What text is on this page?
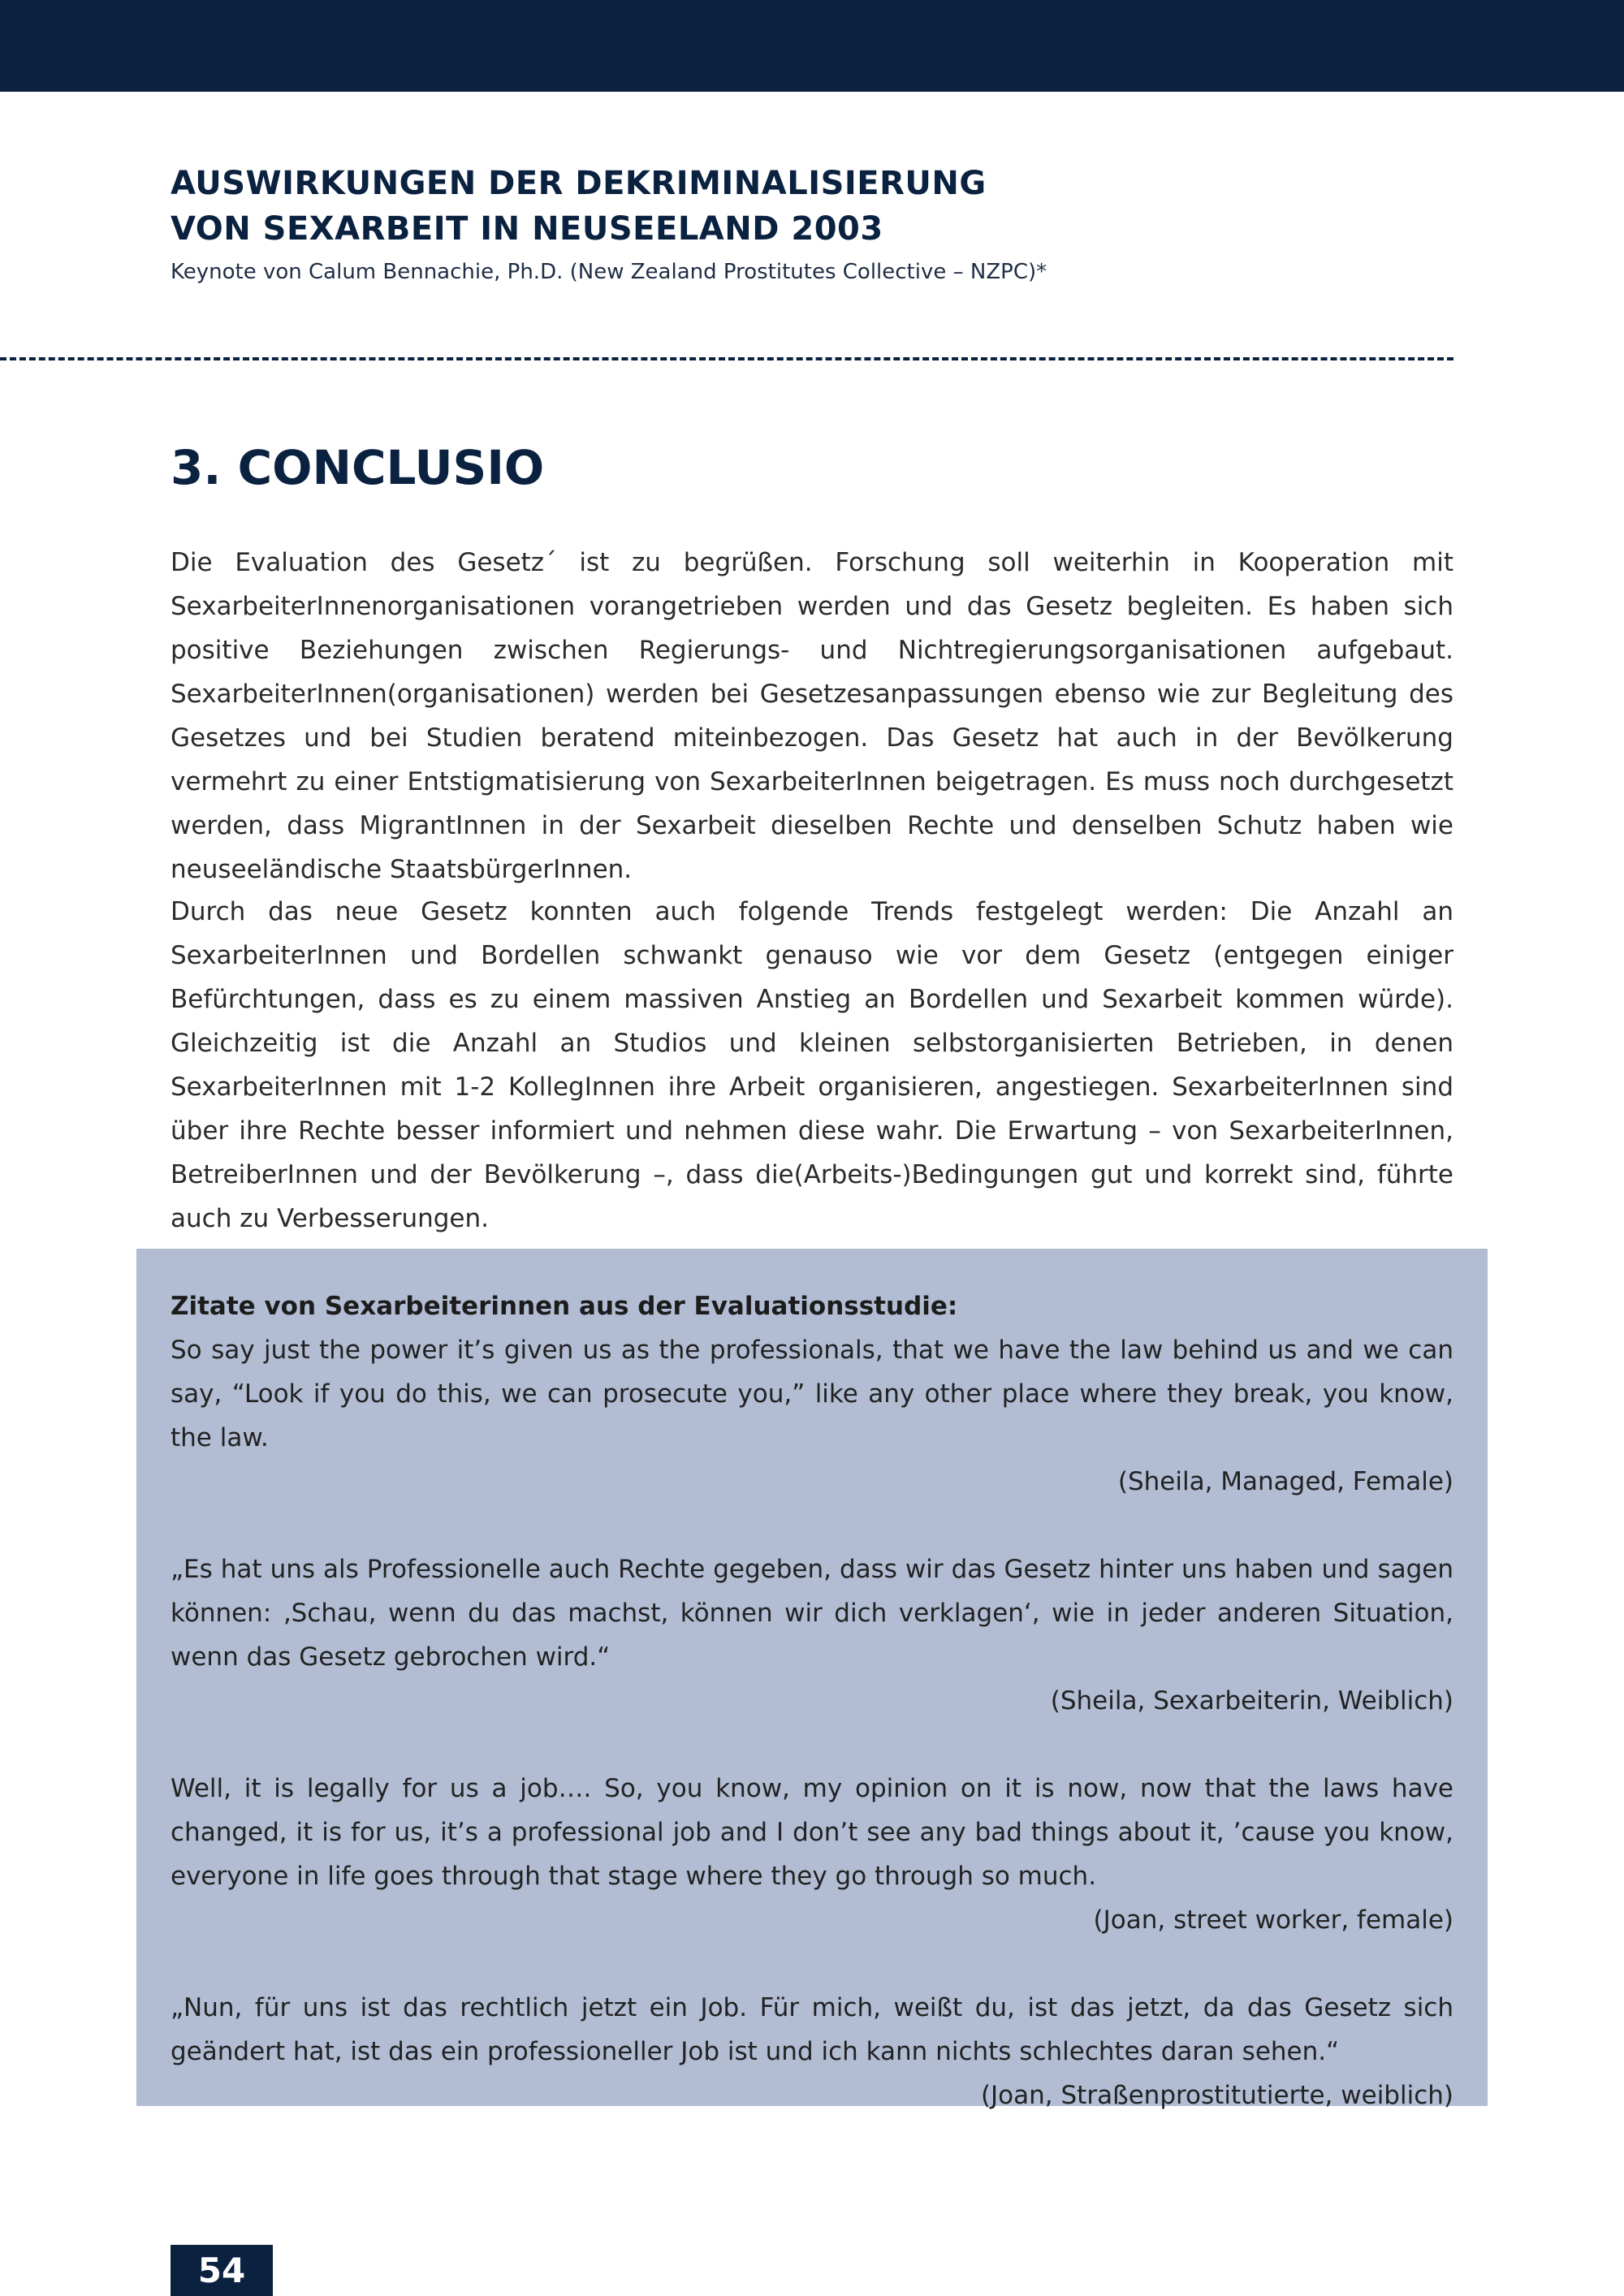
AUSWIRKUNGEN DER DEKRIMINALISIERUNG
VON SEXARBEIT IN NEUSEELAND 2003

Keynote von Calum Bennachie, Ph.D. (New Zealand Prostitutes Collective – NZPC)*

3. CONCLUSIO

Die Evaluation des Gesetz´ ist zu begrüßen. Forschung soll weiterhin in Kooperation mit SexarbeiterInnenorganisationen vorangetrieben werden und das Gesetz begleiten. Es haben sich positive Beziehungen zwischen Regierungs- und Nichtregierungsorganisationen aufgebaut. SexarbeiterInnen(organisationen) werden bei Gesetzesanpassungen ebenso wie zur Begleitung des Gesetzes und bei Studien beratend miteinbezogen. Das Gesetz hat auch in der Bevölkerung vermehrt zu einer Entstigmatisierung von SexarbeiterInnen beigetragen. Es muss noch durchgesetzt werden, dass MigrantInnen in der Sexarbeit dieselben Rechte und denselben Schutz haben wie neuseeländische StaatsbürgerInnen.

Durch das neue Gesetz konnten auch folgende Trends festgelegt werden: Die Anzahl an SexarbeiterInnen und Bordellen schwankt genauso wie vor dem Gesetz (entgegen einiger Befürchtungen, dass es zu einem massiven Anstieg an Bordellen und Sexarbeit kommen würde). Gleichzeitig ist die Anzahl an Studios und kleinen selbstorganisierten Betrieben, in denen SexarbeiterInnen mit 1-2 KollegInnen ihre Arbeit organisieren, angestiegen. SexarbeiterInnen sind über ihre Rechte besser informiert und nehmen diese wahr. Die Erwartung – von SexarbeiterInnen, BetreiberInnen und der Bevölkerung –, dass die(Arbeits-)Bedingungen gut und korrekt sind, führte auch zu Verbesserungen.

Zitate von Sexarbeiterinnen aus der Evaluationsstudie:

So say just the power it’s given us as the professionals, that we have the law behind us and we can say, “Look if you do this, we can prosecute you,” like any other place where they break, you know, the law.

(Sheila, Managed, Female)

„Es hat uns als Professionelle auch Rechte gegeben, dass wir das Gesetz hinter uns haben und sagen können: ‚Schau, wenn du das machst, können wir dich verklagen‘, wie in jeder anderen Situation, wenn das Gesetz gebrochen wird.“

(Sheila, Sexarbeiterin, Weiblich)

Well, it is legally for us a job…. So, you know, my opinion on it is now, now that the laws have changed, it is for us, it’s a professional job and I don’t see any bad things about it, ’cause you know, everyone in life goes through that stage where they go through so much.

(Joan, street worker, female)

„Nun, für uns ist das rechtlich jetzt ein Job. Für mich, weißt du, ist das jetzt, da das Gesetz sich geändert hat, ist das ein professioneller Job ist und ich kann nichts schlechtes daran sehen.“

(Joan, Straßenprostitutierte, weiblich)

54
